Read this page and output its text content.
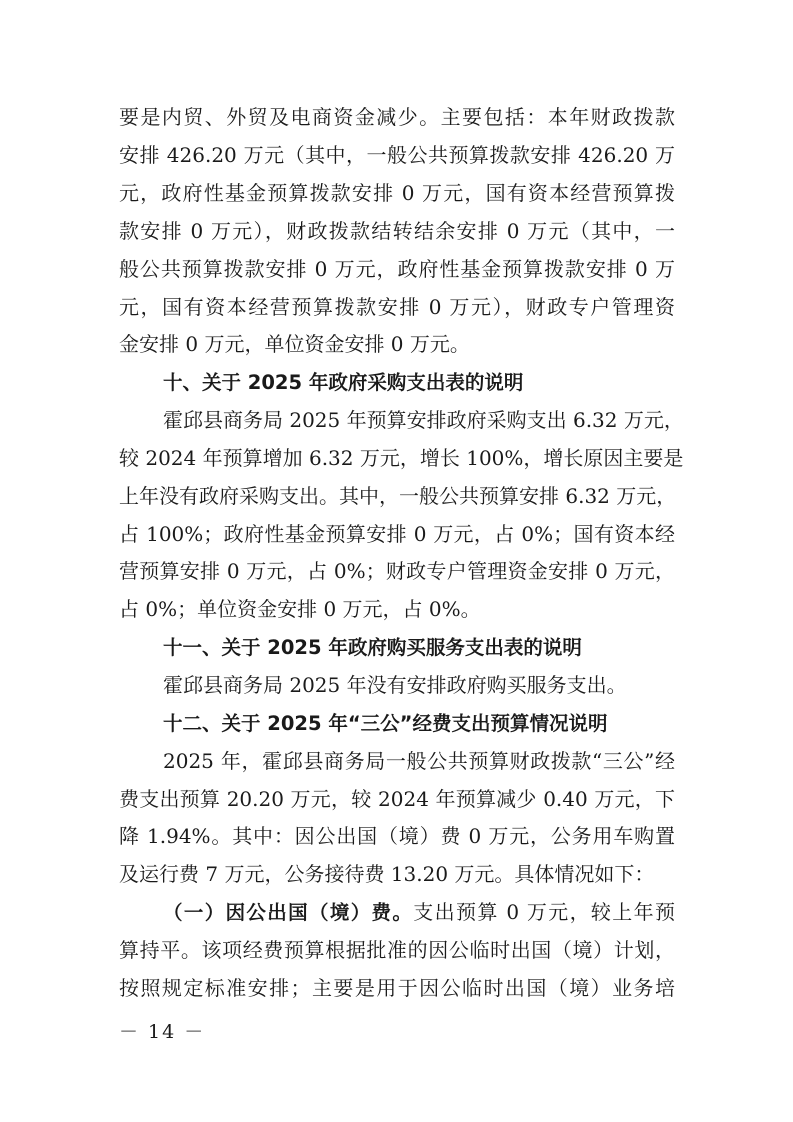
要是内贸、外贸及电商资金减少。主要包括：本年财政拨款
安排 426.20 万元（其中，一般公共预算拨款安排 426.20 万
元，政府性基金预算拨款安排 0 万元，国有资本经营预算拨
款安排 0 万元），财政拨款结转结余安排 0 万元（其中，一
般公共预算拨款安排 0 万元，政府性基金预算拨款安排 0 万
元，国有资本经营预算拨款安排 0 万元），财政专户管理资
金安排 0 万元，单位资金安排 0 万元。
十、关于 2025 年政府采购支出表的说明
霍邱县商务局 2025 年预算安排政府采购支出 6.32 万元，
较 2024 年预算增加 6.32 万元，增长 100%，增长原因主要是
上年没有政府采购支出。其中，一般公共预算安排 6.32 万元，
占 100%；政府性基金预算安排 0 万元，占 0%；国有资本经
营预算安排 0 万元，占 0%；财政专户管理资金安排 0 万元，
占 0%；单位资金安排 0 万元，占 0%。
十一、关于 2025 年政府购买服务支出表的说明
霍邱县商务局 2025 年没有安排政府购买服务支出。
十二、关于 2025 年“三公”经费支出预算情况说明
2025 年，霍邱县商务局一般公共预算财政拨款“三公”经
费支出预算 20.20 万元，较 2024 年预算减少 0.40 万元，下
降 1.94%。其中：因公出国（境）费 0 万元，公务用车购置
及运行费 7 万元，公务接待费 13.20 万元。具体情况如下：
（一）因公出国（境）费。支出预算 0 万元，较上年预
算持平。该项经费预算根据批准的因公临时出国（境）计划，
按照规定标准安排；主要是用于因公临时出国（境）业务培
－ 14 －
